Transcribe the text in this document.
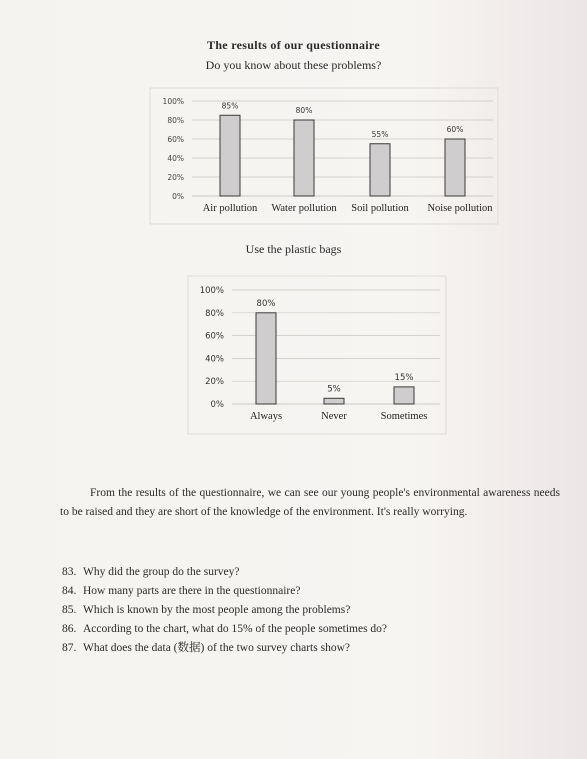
The results of our questionnaire
Do you know about these problems?
100%
80%
60%
40%
20%
0%
85%
Air pollution
80%
Water pollution
55%
Soil pollution
60%
Noise pollution
Use the plastic bags
100%
80%
60%
40%
20%
0%
80%
Always
5%
Never
15%
Sometimes
From the results of the questionnaire, we can see our young people's environmental awareness needs to be raised and they are short of the knowledge of the environment. It's really worrying.
83. Why did the group do the survey?
84. How many parts are there in the questionnaire?
85. Which is known by the most people among the problems?
86. According to the chart, what do 15% of the people sometimes do?
87. What does the data (数据) of the two survey charts show?
